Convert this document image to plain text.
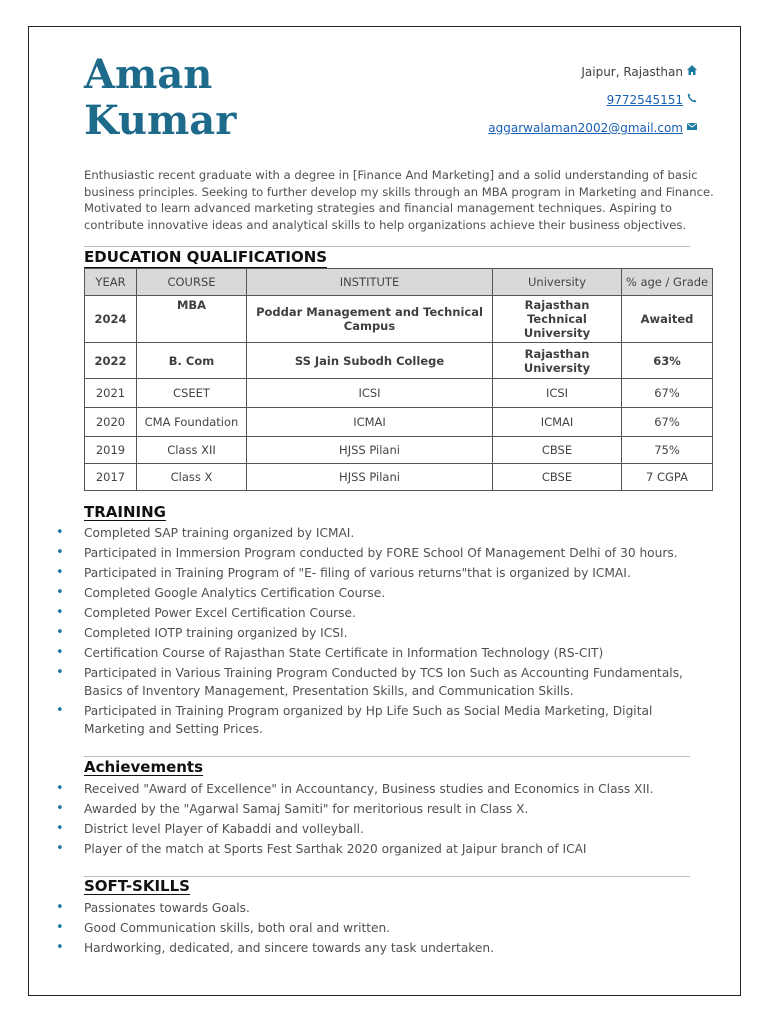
Aman
Kumar
Jaipur, Rajasthan
9772545151
aggarwalaman2002@gmail.com

Enthusiastic recent graduate with a degree in [Finance And Marketing] and a solid understanding of basic business principles. Seeking to further develop my skills through an MBA program in Marketing and Finance. Motivated to learn advanced marketing strategies and financial management techniques. Aspiring to contribute innovative ideas and analytical skills to help organizations achieve their business objectives.

EDUCATION QUALIFICATIONS
YEAR	COURSE	INSTITUTE	University	% age / Grade
2024	MBA	Poddar Management and Technical Campus	Rajasthan Technical University	Awaited
2022	B. Com	SS Jain Subodh College	Rajasthan University	63%
2021	CSEET	ICSI	ICSI	67%
2020	CMA Foundation	ICMAI	ICMAI	67%
2019	Class XII	HJSS Pilani	CBSE	75%
2017	Class X	HJSS Pilani	CBSE	7 CGPA
TRAINING
• Completed SAP training organized by ICMAI.
• Participated in Immersion Program conducted by FORE School Of Management Delhi of 30 hours.
• Participated in Training Program of "E- filing of various returns"that is organized by ICMAI.
• Completed Google Analytics Certification Course.
• Completed Power Excel Certification Course.
• Completed IOTP training organized by ICSI.
• Certification Course of Rajasthan State Certificate in Information Technology (RS-CIT)
• Participated in Various Training Program Conducted by TCS Ion Such as Accounting Fundamentals, Basics of Inventory Management, Presentation Skills, and Communication Skills.
• Participated in Training Program organized by Hp Life Such as Social Media Marketing, Digital Marketing and Setting Prices.
Achievements
• Received "Award of Excellence" in Accountancy, Business studies and Economics in Class XII.
• Awarded by the "Agarwal Samaj Samiti" for meritorious result in Class X.
• District level Player of Kabaddi and volleyball.
• Player of the match at Sports Fest Sarthak 2020 organized at Jaipur branch of ICAI
SOFT-SKILLS
• Passionates towards Goals.
• Good Communication skills, both oral and written.
• Hardworking, dedicated, and sincere towards any task undertaken.
